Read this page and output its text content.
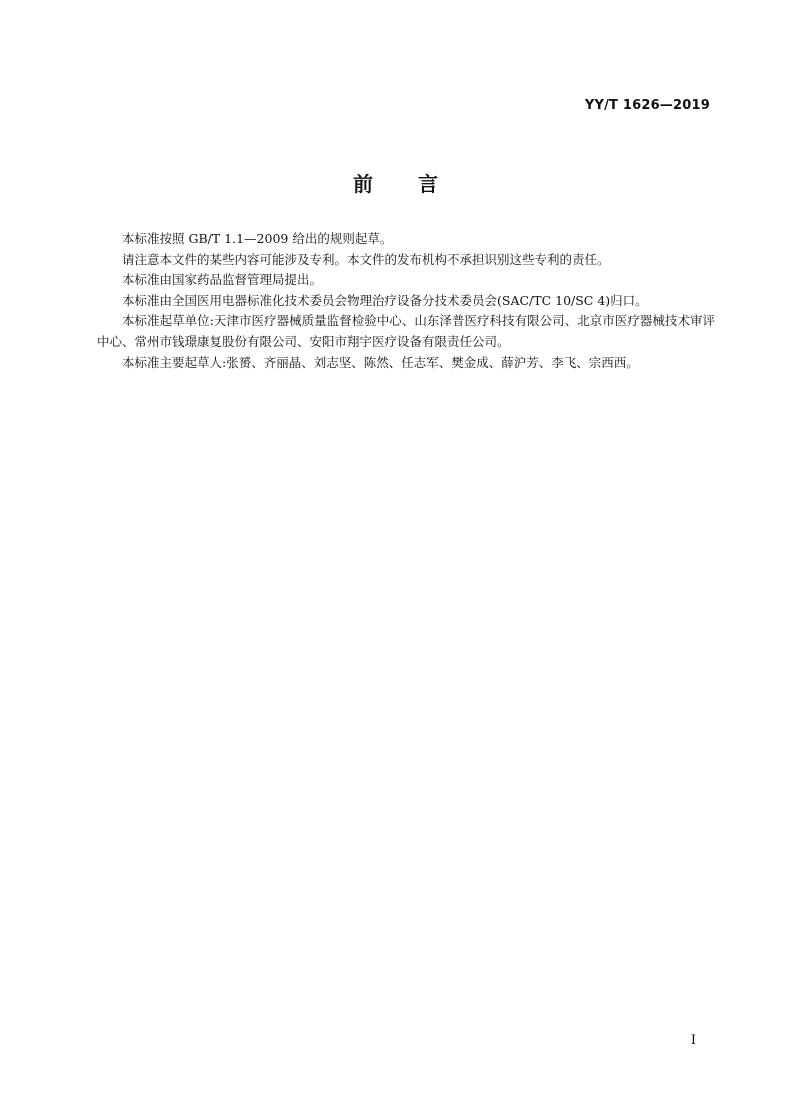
YY/T 1626—2019
前 言

本标准按照 GB/T 1.1—2009 给出的规则起草。

请注意本文件的某些内容可能涉及专利。本文件的发布机构不承担识别这些专利的责任。

本标准由国家药品监督管理局提出。

本标准由全国医用电器标准化技术委员会物理治疗设备分技术委员会(SAC/TC 10/SC 4)归口。

本标准起草单位:天津市医疗器械质量监督检验中心、山东泽普医疗科技有限公司、北京市医疗器械技术审评中心、常州市钱璟康复股份有限公司、安阳市翔宇医疗设备有限责任公司。

本标准主要起草人:张赟、齐丽晶、刘志坚、陈然、任志军、樊金成、薛沪芳、李飞、宗西西。

I
